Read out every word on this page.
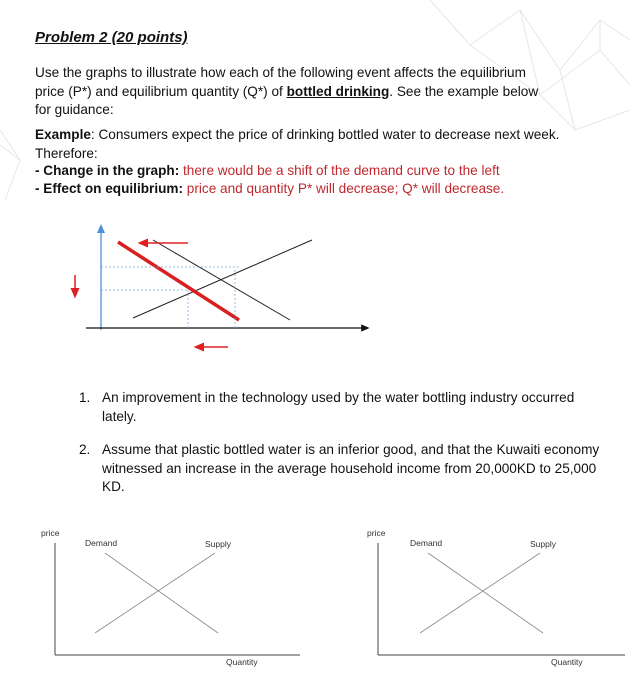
Problem 2 (20 points)
Use the graphs to illustrate how each of the following event affects the equilibrium price (P*) and equilibrium quantity (Q*) of bottled drinking. See the example below for guidance:
Example: Consumers expect the price of drinking bottled water to decrease next week. Therefore:
- Change in the graph: there would be a shift of the demand curve to the left
- Effect on equilibrium: price and quantity P* will decrease; Q* will decrease.
1. An improvement in the technology used by the water bottling industry occurred lately.
2. Assume that plastic bottled water is an inferior good, and that the Kuwaiti economy witnessed an increase in the average household income from 20,000KD to 25,000 KD.
price
Demand	Supply
Quantity
price
Demand	Supply
Quantity
